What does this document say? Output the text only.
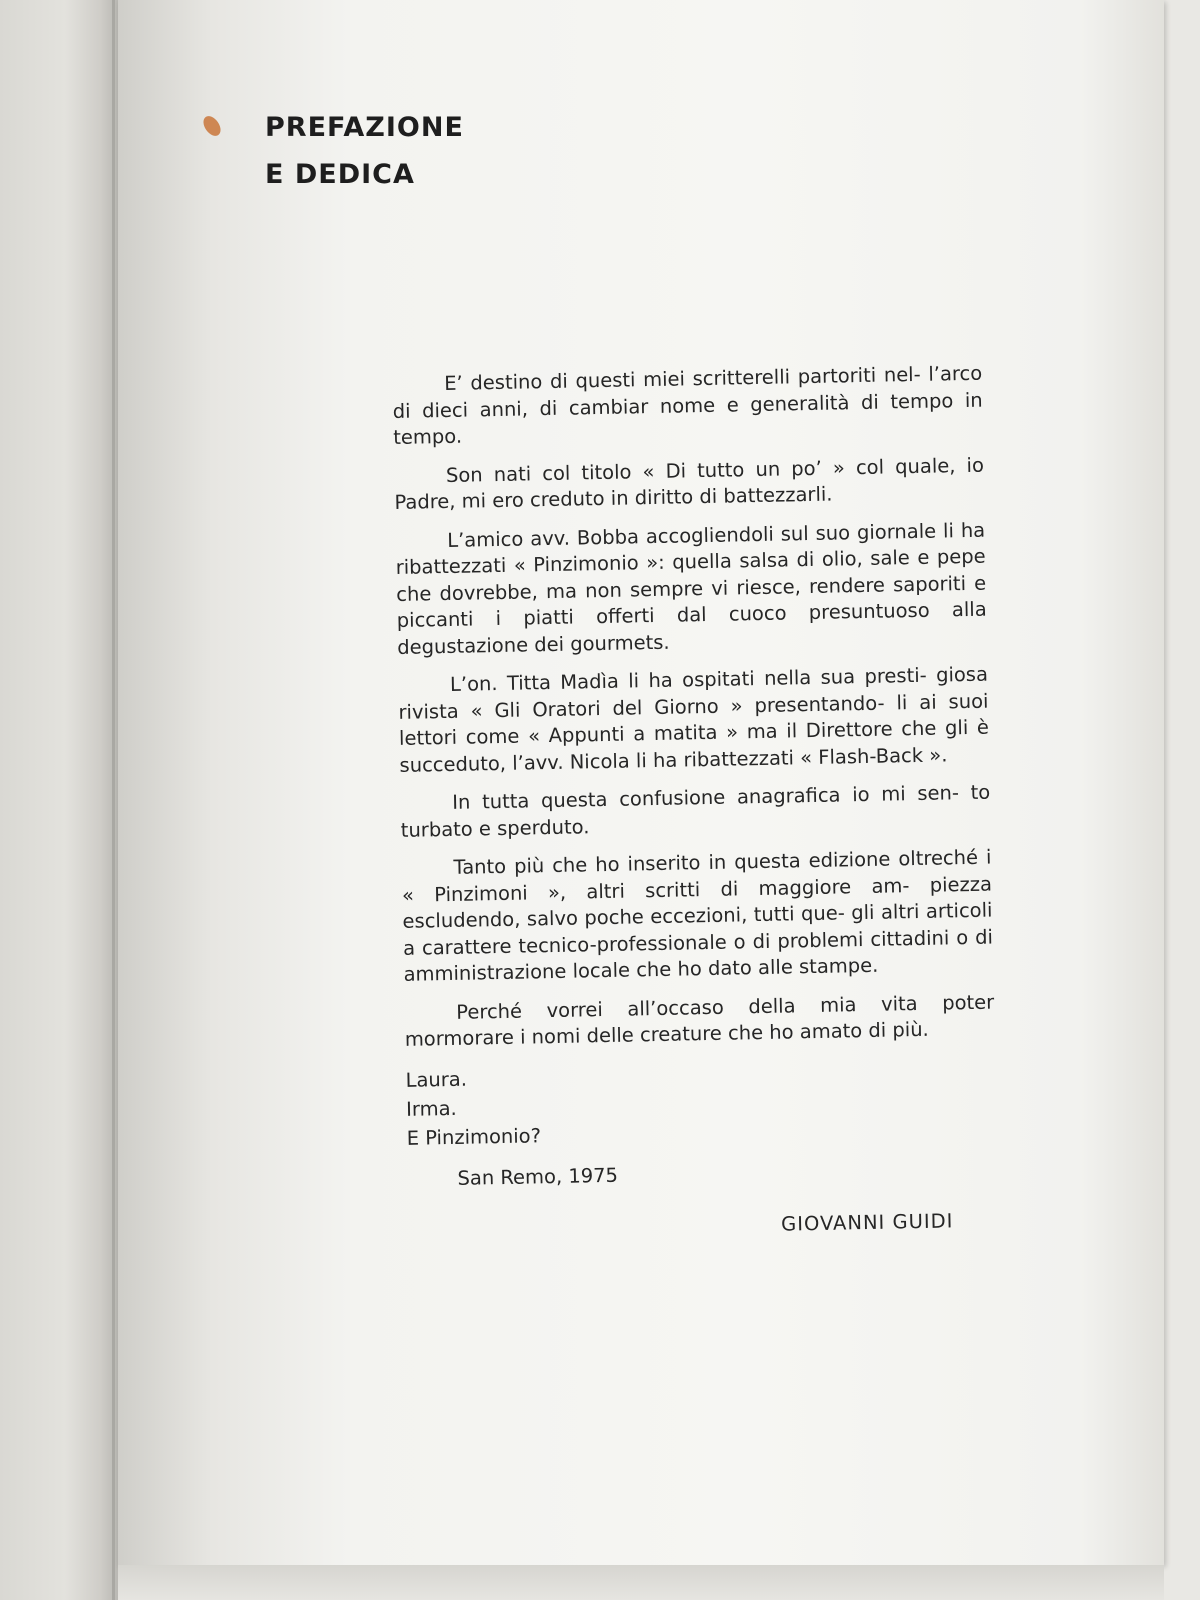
PREFAZIONE
E DEDICA

E’ destino di questi miei scritterelli partoriti nel- l’arco di dieci anni, di cambiar nome e generalità di tempo in tempo.

Son nati col titolo « Di tutto un po’ » col quale, io Padre, mi ero creduto in diritto di battezzarli.

L’amico avv. Bobba accogliendoli sul suo giornale li ha ribattezzati « Pinzimonio »: quella salsa di olio, sale e pepe che dovrebbe, ma non sempre vi riesce, rendere saporiti e piccanti i piatti offerti dal cuoco presuntuoso alla degustazione dei gourmets.

L’on. Titta Madìa li ha ospitati nella sua presti- giosa rivista « Gli Oratori del Giorno » presentando- li ai suoi lettori come « Appunti a matita » ma il Direttore che gli è succeduto, l’avv. Nicola li ha ribattezzati « Flash-Back ».

In tutta questa confusione anagrafica io mi sen- to turbato e sperduto.

Tanto più che ho inserito in questa edizione oltreché i « Pinzimoni », altri scritti di maggiore am- piezza escludendo, salvo poche eccezioni, tutti que- gli altri articoli a carattere tecnico-professionale o di problemi cittadini o di amministrazione locale che ho dato alle stampe.

Perché vorrei all’occaso della mia vita poter mormorare i nomi delle creature che ho amato di più.

Laura.
Irma.
E Pinzimonio?

San Remo, 1975

GIOVANNI GUIDI
